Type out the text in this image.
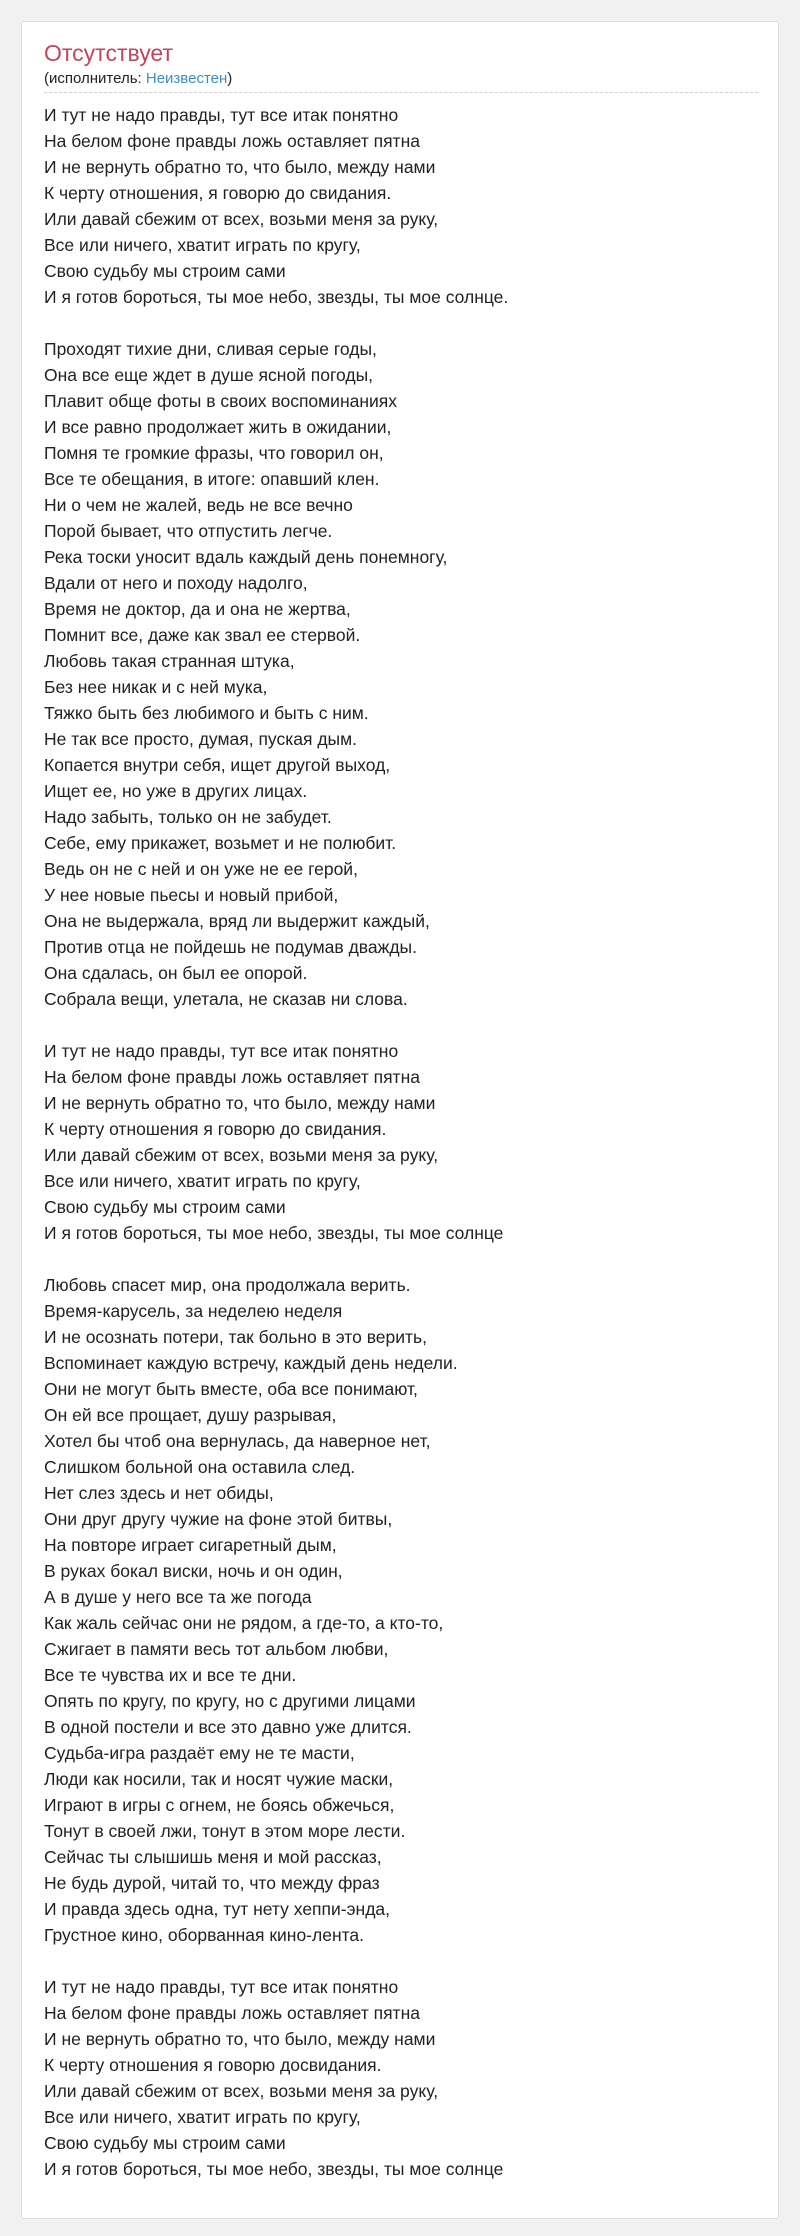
Отсутствует
(исполнитель: Неизвестен)
И тут не надо правды, тут все итак понятно
На белом фоне правды ложь оставляет пятна
И не вернуть обратно то, что было, между нами
К черту отношения, я говорю до свидания.
Или давай сбежим от всех, возьми меня за руку,
Все или ничего, хватит играть по кругу,
Свою судьбу мы строим сами
И я готов бороться, ты мое небо, звезды, ты мое солнце.
Проходят тихие дни, сливая серые годы,
Она все еще ждет в душе ясной погоды,
Плавит обще фоты в своих воспоминаниях
И все равно продолжает жить в ожидании,
Помня те громкие фразы, что говорил он,
Все те обещания, в итоге: опавший клен.
Ни о чем не жалей, ведь не все вечно
Порой бывает, что отпустить легче.
Река тоски уносит вдаль каждый день понемногу,
Вдали от него и походу надолго,
Время не доктор, да и она не жертва,
Помнит все, даже как звал ее стервой.
Любовь такая странная штука,
Без нее никак и с ней мука,
Тяжко быть без любимого и быть с ним.
Не так все просто, думая, пуская дым.
Копается внутри себя, ищет другой выход,
Ищет ее, но уже в других лицах.
Надо забыть, только он не забудет.
Себе, ему прикажет, возьмет и не полюбит.
Ведь он не с ней и он уже не ее герой,
У нее новые пьесы и новый прибой,
Она не выдержала, вряд ли выдержит каждый,
Против отца не пойдешь не подумав дважды.
Она сдалась, он был ее опорой.
Собрала вещи, улетала, не сказав ни слова.
И тут не надо правды, тут все итак понятно
На белом фоне правды ложь оставляет пятна
И не вернуть обратно то, что было, между нами
К черту отношения я говорю до свидания.
Или давай сбежим от всех, возьми меня за руку,
Все или ничего, хватит играть по кругу,
Свою судьбу мы строим сами
И я готов бороться, ты мое небо, звезды, ты мое солнце
Любовь спасет мир, она продолжала верить.
Время-карусель, за неделею неделя
И не осознать потери, так больно в это верить,
Вспоминает каждую встречу, каждый день недели.
Они не могут быть вместе, оба все понимают,
Он ей все прощает, душу разрывая,
Хотел бы чтоб она вернулась, да наверное нет,
Слишком больной она оставила след.
Нет слез здесь и нет обиды,
Они друг другу чужие на фоне этой битвы,
На повторе играет сигаретный дым,
В руках бокал виски, ночь и он один,
А в душе у него все та же погода
Как жаль сейчас они не рядом, а где-то, а кто-то,
Сжигает в памяти весь тот альбом любви,
Все те чувства их и все те дни.
Опять по кругу, по кругу, но с другими лицами
В одной постели и все это давно уже длится.
Судьба-игра раздаёт ему не те масти,
Люди как носили, так и носят чужие маски,
Играют в игры с огнем, не боясь обжечься,
Тонут в своей лжи, тонут в этом море лести.
Сейчас ты слышишь меня и мой рассказ,
Не будь дурой, читай то, что между фраз
И правда здесь одна, тут нету хеппи-энда,
Грустное кино, оборванная кино-лента.
И тут не надо правды, тут все итак понятно
На белом фоне правды ложь оставляет пятна
И не вернуть обратно то, что было, между нами
К черту отношения я говорю досвидания.
Или давай сбежим от всех, возьми меня за руку,
Все или ничего, хватит играть по кругу,
Свою судьбу мы строим сами
И я готов бороться, ты мое небо, звезды, ты мое солнце
